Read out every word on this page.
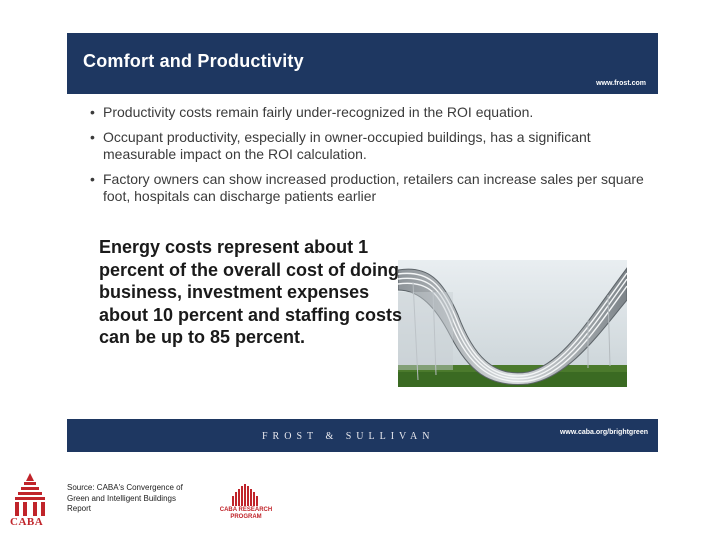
Comfort and Productivity
www.frost.com
• Productivity costs remain fairly under-recognized in the ROI equation.
• Occupant productivity, especially in owner-occupied buildings, has a significant measurable impact on the ROI calculation.
• Factory owners can show increased production, retailers can increase sales per square foot, hospitals can discharge patients earlier
Energy costs represent about 1 percent of the overall cost of doing business, investment expenses about 10 percent and staffing costs can be up to 85 percent.
FROST & SULLIVAN	www.caba.org/brightgreen
CABA
Source: CABA's Convergence of Green and Intelligent Buildings Report	CABA RESEARCH
PROGRAM
